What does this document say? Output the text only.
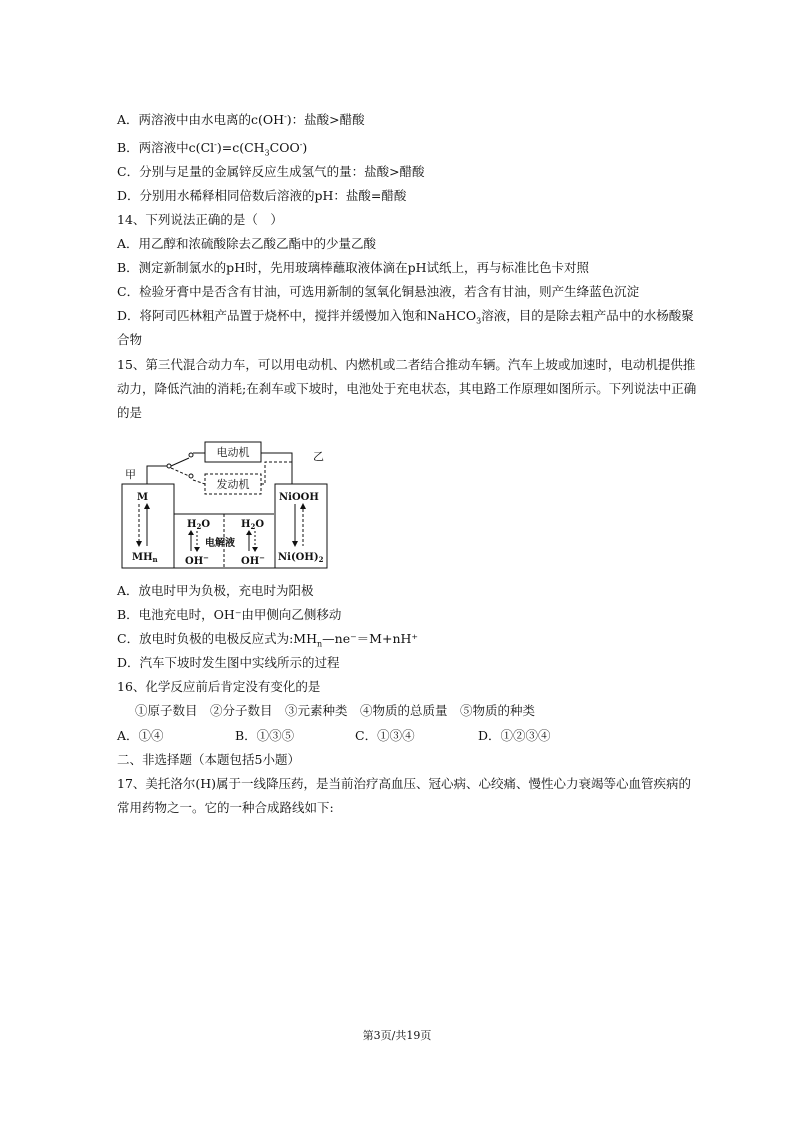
A．两溶液中由水电离的c(OH-)：盐酸>醋酸
B．两溶液中$c(Cl^-)=c(CH_3COO^-)$
C．分别与足量的金属锌反应生成氢气的量：盐酸>醋酸
D．分别用水稀释相同倍数后溶液的pH：盐酸=醋酸
14、下列说法正确的是（　）
A．用乙醇和浓硫酸除去乙酸乙酯中的少量乙酸
B．测定新制氯水的pH时，先用玻璃棒蘸取液体滴在pH试纸上，再与标准比色卡对照
C．检验牙膏中是否含有甘油，可选用新制的氢氧化铜悬浊液，若含有甘油，则产生绛蓝色沉淀
D．将阿司匹林粗产品置于烧杯中，搅拌并缓慢加入饱和NaHCO$_3$溶液，目的是除去粗产品中的水杨酸聚
合物
15、第三代混合动力车，可以用电动机、内燃机或二者结合推动车辆。汽车上坡或加速时，电动机提供推
动力，降低汽油的消耗;在刹车或下坡时，电池处于充电状态，其电路工作原理如图所示。下列说法中正确
的是
电动机
发动机
甲
乙
M
$MH_n$
NiOOH
$Ni(OH)_2$
$H_2O$	$H_2O$
电解液
OH−	OH−
A．放电时甲为负极，充电时为阳极
B．电池充电时，OH⁻由甲侧向乙侧移动
C．放电时负极的电极反应式为$:MH_n—ne^-=M+nH^+$
D．汽车下坡时发生图中实线所示的过程
16、化学反应前后肯定没有变化的是
①原子数目　②分子数目　③元素种类　④物质的总质量　⑤物质的种类
A．①④	B．①③⑤	C．①③④	D．①②③④
二、非选择题（本题包括5小题）
17、美托洛尔(H)属于一线降压药，是当前治疗高血压、冠心病、心绞痛、慢性心力衰竭等心血管疾病的
常用药物之一。它的一种合成路线如下:
第3页/共19页
